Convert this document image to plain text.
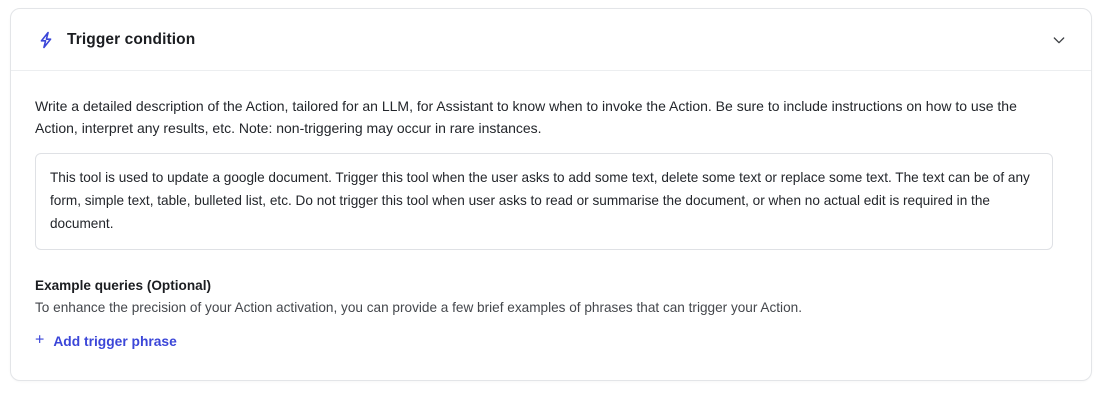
Trigger condition

Write a detailed description of the Action, tailored for an LLM, for Assistant to know when to invoke the Action. Be sure to include instructions on how to use the Action, interpret any results, etc. Note: non-triggering may occur in rare instances.

This tool is used to update a google document. Trigger this tool when the user asks to add some text, delete some text or replace some text. The text can be of any form, simple text, table, bulleted list, etc. Do not trigger this tool when user asks to read or summarise the document, or when no actual edit is required in the document.

Example queries (Optional)

To enhance the precision of your Action activation, you can provide a few brief examples of phrases that can trigger your Action.

+ Add trigger phrase
